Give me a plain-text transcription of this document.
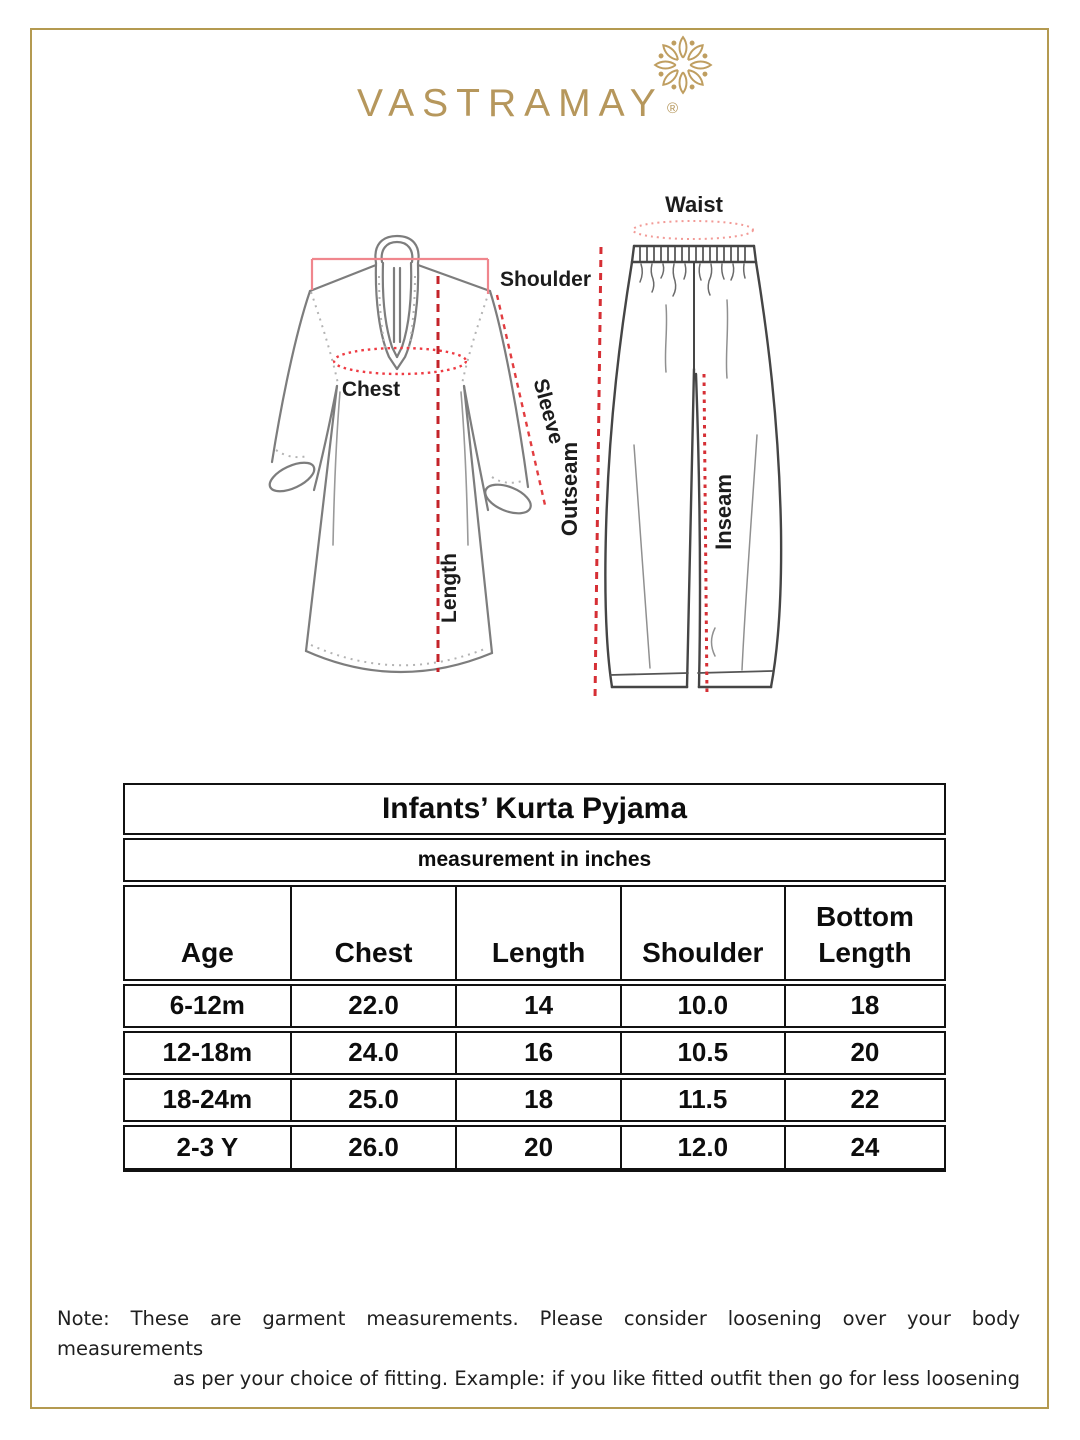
VASTRAMAY ®
Shoulder
Chest	Sleeve
Length
Waist
Outseam	Inseam
Infants’ Kurta Pyjama				
measurement in inches				
Age	Chest	Length	Shoulder	Bottom Length
6-12m	22.0	14	10.0	18
12-18m	24.0	16	10.5	20
18-24m	25.0	18	11.5	22
2-3 Y	26.0	20	12.0	24
Note: These are garment measurements. Please consider loosening over your body measurements
as per your choice of fitting. Example: if you like fitted outfit then go for less loosening
